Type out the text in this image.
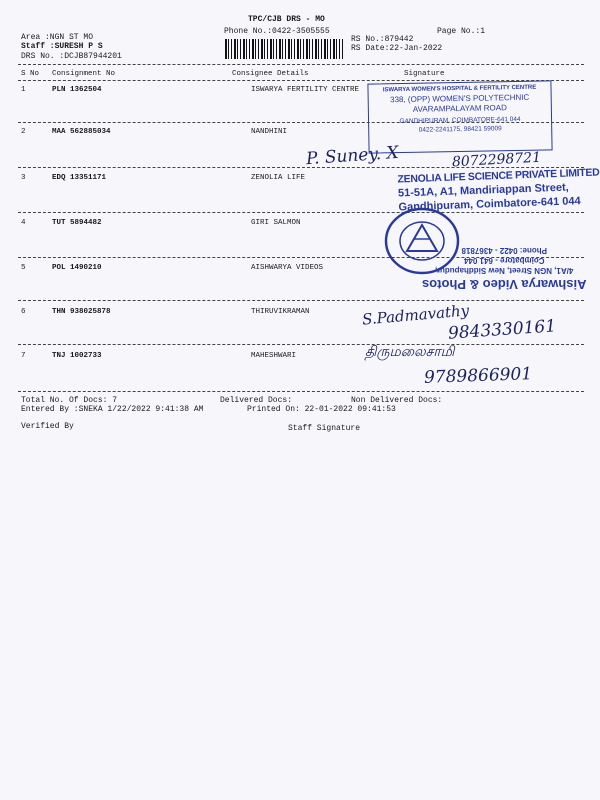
TPC/CJB DRS - MO
Phone No.:0422-3505555	Page No.:1
Area :NGN ST MO
Staff :SURESH P S
DRS No. :DCJB87944201
RS No.:879442
RS Date:22-Jan-2022
S No Consignment No	Consignee Details	Signature
1	PLN 1362504	ISWARYA FERTILITY CENTRE
2	MAA 562885034	NANDHINI
3	EDQ 13351171	ZENOLIA LIFE
4	TUT 5894482	GIRI SALMON
5	POL 1490210	AISHWARYA VIDEOS
6	THN 938025878	THIRUVIKRAMAN
7	TNJ 1002733	MAHESHWARI
Total No. Of Docs: 7	Delivered Docs:	Non Delivered Docs:
Entered By :SNEKA 1/22/2022 9:41:38 AM	Printed On: 22-01-2022 09:41:53
Verified By	Staff Signature
ISWARYA WOMEN'S HOSPITAL & FERTILITY CENTRE
338, (OPP) WOMEN'S POLYTECHNIC
AVARAMPALAYAM ROAD
GANDHIPURAM, COIMBATORE-641 044
0422-2241175, 98421 59009
P. Suney. X	8072298721
ZENOLIA LIFE SCIENCE PRIVATE LIMITED
51-51A, A1, Mandiriappan Street,
Gandhipuram, Coimbatore-641 044
Aishwarya Video & Photos
4/A1, NGN Street, New Siddhapudur,
Coimbatore - 641 044
Phone: 0422 - 4367818
S.Padmavathy
9843330161
திருமலைசாமி
9789866901
